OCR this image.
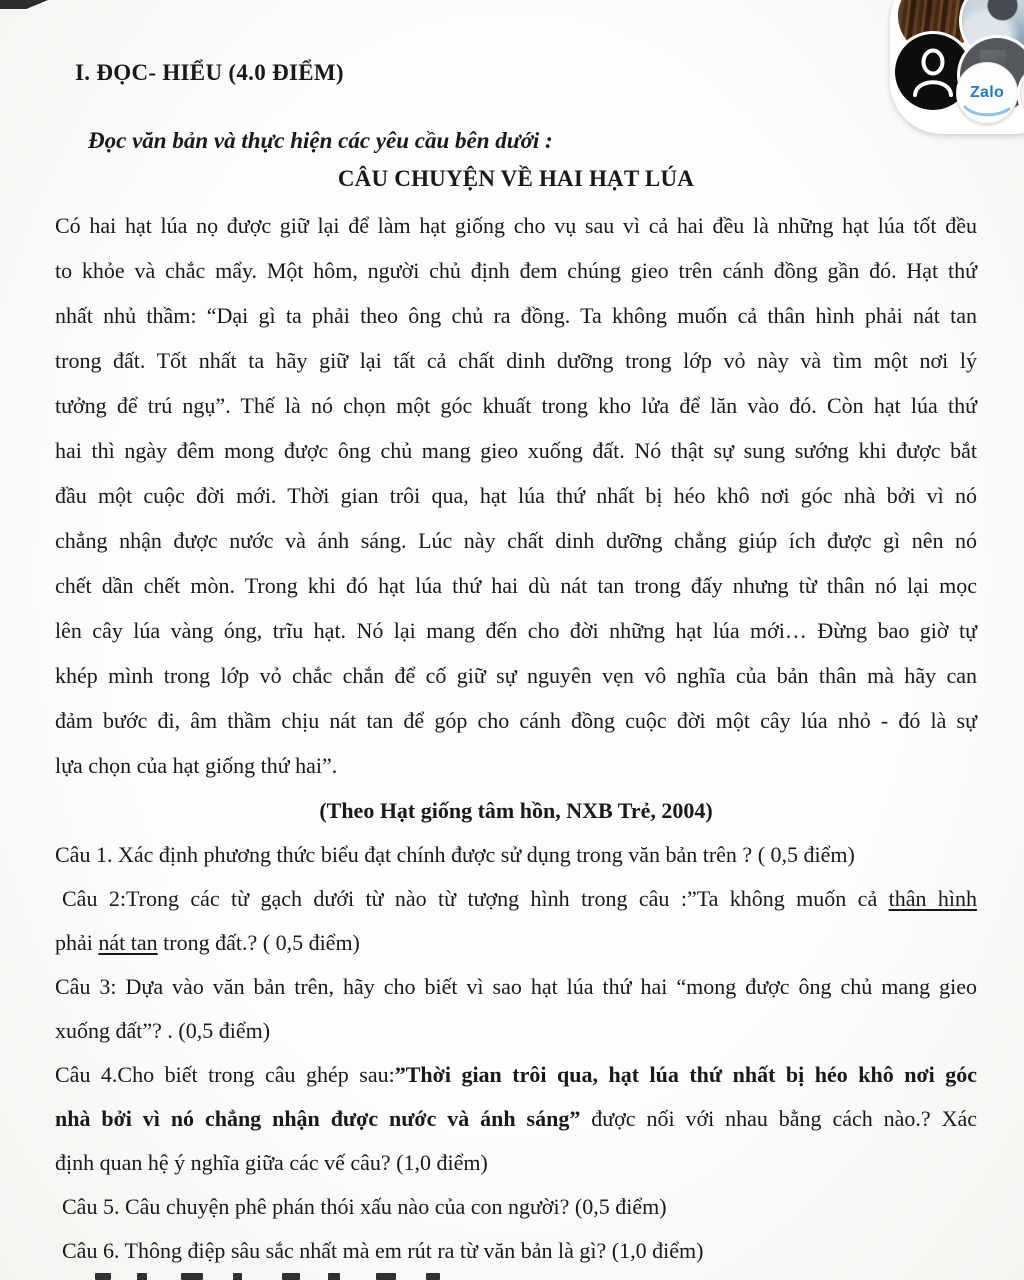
I. ĐỌC- HIỂU (4.0 ĐIỂM)
Đọc văn bản và thực hiện các yêu cầu bên dưới :
CÂU CHUYỆN VỀ HAI HẠT LÚA
Có hai hạt lúa nọ được giữ lại để làm hạt giống cho vụ sau vì cả hai đều là những hạt lúa tốt đều
to khỏe và chắc mẩy. Một hôm, người chủ định đem chúng gieo trên cánh đồng gần đó. Hạt thứ
nhất nhủ thầm: “Dại gì ta phải theo ông chủ ra đồng. Ta không muốn cả thân hình phải nát tan
trong đất. Tốt nhất ta hãy giữ lại tất cả chất dinh dưỡng trong lớp vỏ này và tìm một nơi lý
tưởng để trú ngụ”. Thế là nó chọn một góc khuất trong kho lửa để lăn vào đó. Còn hạt lúa thứ
hai thì ngày đêm mong được ông chủ mang gieo xuống đất. Nó thật sự sung sướng khi được bắt
đầu một cuộc đời mới. Thời gian trôi qua, hạt lúa thứ nhất bị héo khô nơi góc nhà bởi vì nó
chẳng nhận được nước và ánh sáng. Lúc này chất dinh dưỡng chẳng giúp ích được gì nên nó
chết dần chết mòn. Trong khi đó hạt lúa thứ hai dù nát tan trong đấy nhưng từ thân nó lại mọc
lên cây lúa vàng óng, trĩu hạt. Nó lại mang đến cho đời những hạt lúa mới… Đừng bao giờ tự
khép mình trong lớp vỏ chắc chắn để cố giữ sự nguyên vẹn vô nghĩa của bản thân mà hãy can
đảm bước đi, âm thầm chịu nát tan để góp cho cánh đồng cuộc đời một cây lúa nhỏ - đó là sự
lựa chọn của hạt giống thứ hai”.
(Theo Hạt giống tâm hồn, NXB Trẻ, 2004)
Câu 1. Xác định phương thức biểu đạt chính được sử dụng trong văn bản trên ? ( 0,5 điểm)
Câu 2:Trong các từ gạch dưới từ nào từ tượng hình trong câu :”Ta không muốn cả thân hình
phải nát tan trong đất.? ( 0,5 điểm)
Câu 3: Dựa vào văn bản trên, hãy cho biết vì sao hạt lúa thứ hai “mong được ông chủ mang gieo
xuống đất”? . (0,5 điểm)
Câu 4.Cho biết trong câu ghép sau:”Thời gian trôi qua, hạt lúa thứ nhất bị héo khô nơi góc
nhà bởi vì nó chẳng nhận được nước và ánh sáng” được nối với nhau bằng cách nào.? Xác
định quan hệ ý nghĩa giữa các vế câu? (1,0 điểm)
Câu 5. Câu chuyện phê phán thói xấu nào của con người? (0,5 điểm)
Câu 6. Thông điệp sâu sắc nhất mà em rút ra từ văn bản là gì? (1,0 điểm)
Zalo
